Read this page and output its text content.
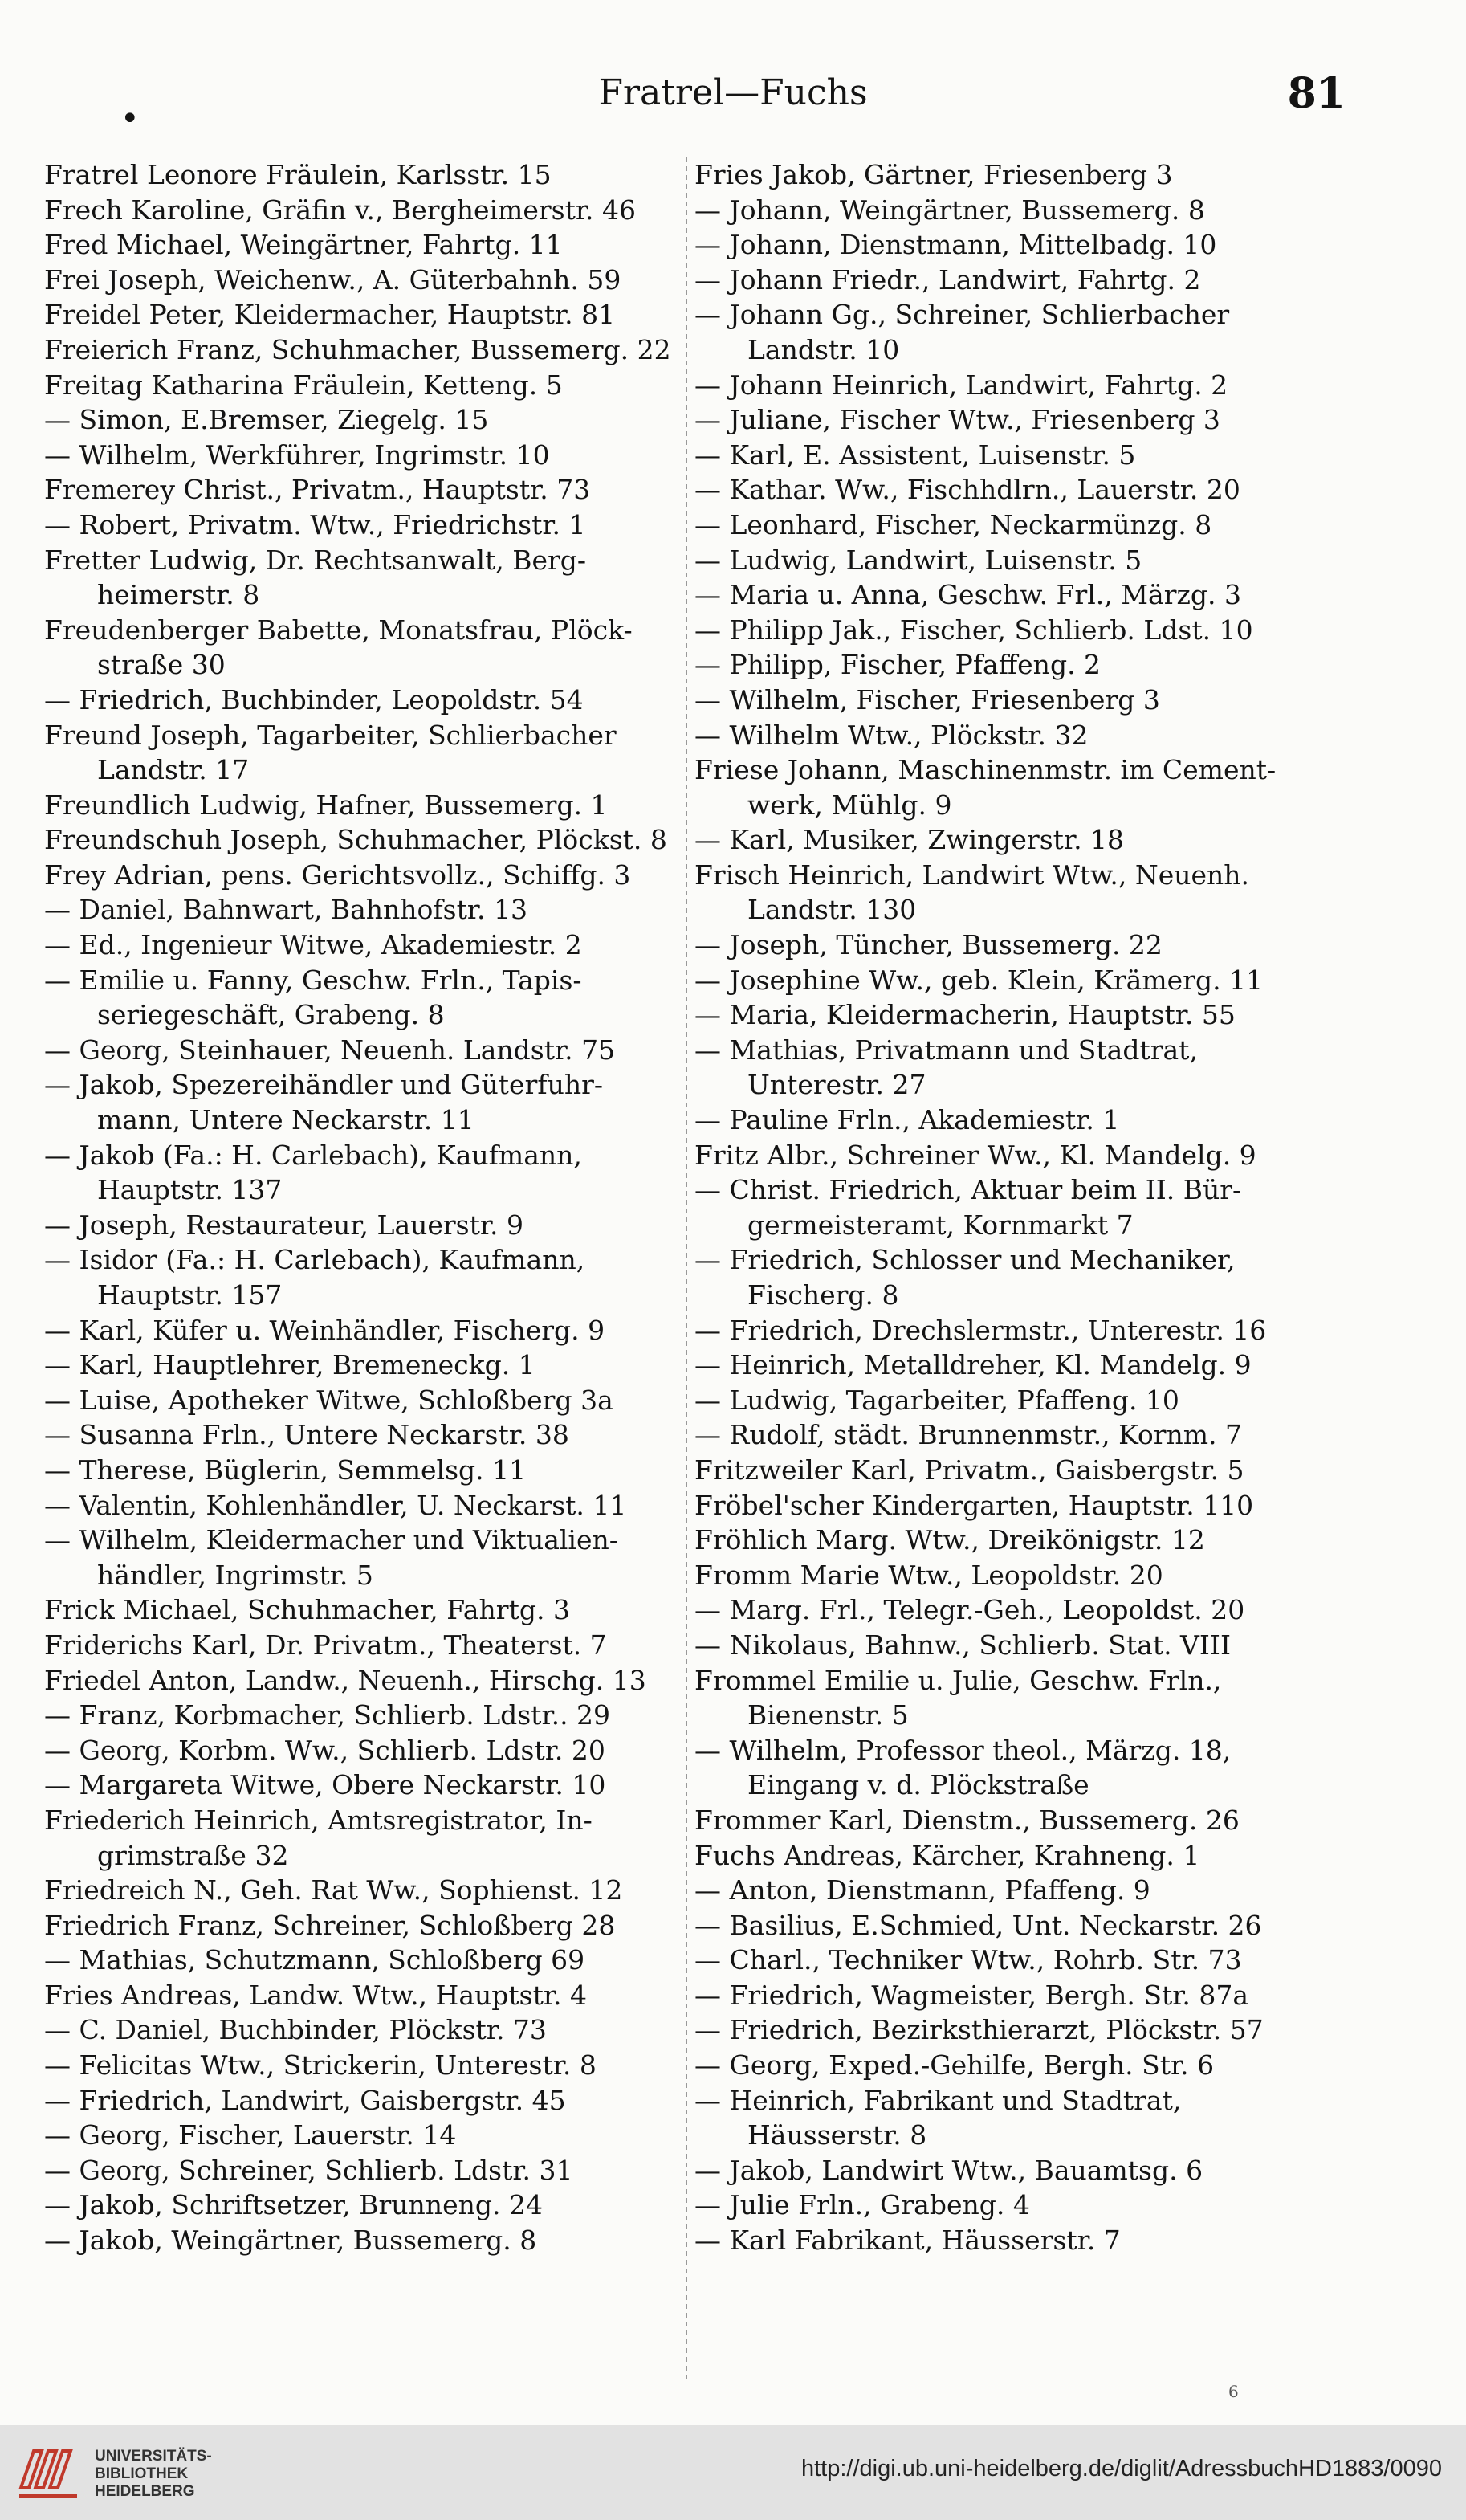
Fratrel—Fuchs	81
•
Fratrel Leonore Fräulein, Karlsstr. 15
Frech Karoline, Gräfin v., Bergheimerstr. 46
Fred Michael, Weingärtner, Fahrtg. 11
Frei Joseph, Weichenw., A. Güterbahnh. 59
Freidel Peter, Kleidermacher, Hauptstr. 81
Freierich Franz, Schuhmacher, Bussemerg. 22
Freitag Katharina Fräulein, Ketteng. 5
— Simon, E.Bremser, Ziegelg. 15
— Wilhelm, Werkführer, Ingrimstr. 10
Fremerey Christ., Privatm., Hauptstr. 73
— Robert, Privatm. Wtw., Friedrichstr. 1
Fretter Ludwig, Dr. Rechtsanwalt, Berg-
heimerstr. 8
Freudenberger Babette, Monatsfrau, Plöck-
straße 30
— Friedrich, Buchbinder, Leopoldstr. 54
Freund Joseph, Tagarbeiter, Schlierbacher
Landstr. 17
Freundlich Ludwig, Hafner, Bussemerg. 1
Freundschuh Joseph, Schuhmacher, Plöckst. 8
Frey Adrian, pens. Gerichtsvollz., Schiffg. 3
— Daniel, Bahnwart, Bahnhofstr. 13
— Ed., Ingenieur Witwe, Akademiestr. 2
— Emilie u. Fanny, Geschw. Frln., Tapis-
seriegeschäft, Grabeng. 8
— Georg, Steinhauer, Neuenh. Landstr. 75
— Jakob, Spezereihändler und Güterfuhr-
mann, Untere Neckarstr. 11
— Jakob (Fa.: H. Carlebach), Kaufmann,
Hauptstr. 137
— Joseph, Restaurateur, Lauerstr. 9
— Isidor (Fa.: H. Carlebach), Kaufmann,
Hauptstr. 157
— Karl, Küfer u. Weinhändler, Fischerg. 9
— Karl, Hauptlehrer, Bremeneckg. 1
— Luise, Apotheker Witwe, Schloßberg 3a
— Susanna Frln., Untere Neckarstr. 38
— Therese, Büglerin, Semmelsg. 11
— Valentin, Kohlenhändler, U. Neckarst. 11
— Wilhelm, Kleidermacher und Viktualien-
händler, Ingrimstr. 5
Frick Michael, Schuhmacher, Fahrtg. 3
Friderichs Karl, Dr. Privatm., Theaterst. 7
Friedel Anton, Landw., Neuenh., Hirschg. 13
— Franz, Korbmacher, Schlierb. Ldstr.. 29
— Georg, Korbm. Ww., Schlierb. Ldstr. 20
— Margareta Witwe, Obere Neckarstr. 10
Friederich Heinrich, Amtsregistrator, In-
grimstraße 32
Friedreich N., Geh. Rat Ww., Sophienst. 12
Friedrich Franz, Schreiner, Schloßberg 28
— Mathias, Schutzmann, Schloßberg 69
Fries Andreas, Landw. Wtw., Hauptstr. 4
— C. Daniel, Buchbinder, Plöckstr. 73
— Felicitas Wtw., Strickerin, Unterestr. 8
— Friedrich, Landwirt, Gaisbergstr. 45
— Georg, Fischer, Lauerstr. 14
— Georg, Schreiner, Schlierb. Ldstr. 31
— Jakob, Schriftsetzer, Brunneng. 24
— Jakob, Weingärtner, Bussemerg. 8
Fries Jakob, Gärtner, Friesenberg 3
— Johann, Weingärtner, Bussemerg. 8
— Johann, Dienstmann, Mittelbadg. 10
— Johann Friedr., Landwirt, Fahrtg. 2
— Johann Gg., Schreiner, Schlierbacher
Landstr. 10
— Johann Heinrich, Landwirt, Fahrtg. 2
— Juliane, Fischer Wtw., Friesenberg 3
— Karl, E. Assistent, Luisenstr. 5
— Kathar. Ww., Fischhdlrn., Lauerstr. 20
— Leonhard, Fischer, Neckarmünzg. 8
— Ludwig, Landwirt, Luisenstr. 5
— Maria u. Anna, Geschw. Frl., Märzg. 3
— Philipp Jak., Fischer, Schlierb. Ldst. 10
— Philipp, Fischer, Pfaffeng. 2
— Wilhelm, Fischer, Friesenberg 3
— Wilhelm Wtw., Plöckstr. 32
Friese Johann, Maschinenmstr. im Cement-
werk, Mühlg. 9
— Karl, Musiker, Zwingerstr. 18
Frisch Heinrich, Landwirt Wtw., Neuenh.
Landstr. 130
— Joseph, Tüncher, Bussemerg. 22
— Josephine Ww., geb. Klein, Krämerg. 11
— Maria, Kleidermacherin, Hauptstr. 55
— Mathias, Privatmann und Stadtrat,
Unterestr. 27
— Pauline Frln., Akademiestr. 1
Fritz Albr., Schreiner Ww., Kl. Mandelg. 9
— Christ. Friedrich, Aktuar beim II. Bür-
germeisteramt, Kornmarkt 7
— Friedrich, Schlosser und Mechaniker,
Fischerg. 8
— Friedrich, Drechslermstr., Unterestr. 16
— Heinrich, Metalldreher, Kl. Mandelg. 9
— Ludwig, Tagarbeiter, Pfaffeng. 10
— Rudolf, städt. Brunnenmstr., Kornm. 7
Fritzweiler Karl, Privatm., Gaisbergstr. 5
Fröbel'scher Kindergarten, Hauptstr. 110
Fröhlich Marg. Wtw., Dreikönigstr. 12
Fromm Marie Wtw., Leopoldstr. 20
— Marg. Frl., Telegr.-Geh., Leopoldst. 20
— Nikolaus, Bahnw., Schlierb. Stat. VIII
Frommel Emilie u. Julie, Geschw. Frln.,
Bienenstr. 5
— Wilhelm, Professor theol., Märzg. 18,
Eingang v. d. Plöckstraße
Frommer Karl, Dienstm., Bussemerg. 26
Fuchs Andreas, Kärcher, Krahneng. 1
— Anton, Dienstmann, Pfaffeng. 9
— Basilius, E.Schmied, Unt. Neckarstr. 26
— Charl., Techniker Wtw., Rohrb. Str. 73
— Friedrich, Wagmeister, Bergh. Str. 87a
— Friedrich, Bezirksthierarzt, Plöckstr. 57
— Georg, Exped.-Gehilfe, Bergh. Str. 6
— Heinrich, Fabrikant und Stadtrat,
Häusserstr. 8
— Jakob, Landwirt Wtw., Bauamtsg. 6
— Julie Frln., Grabeng. 4
— Karl Fabrikant, Häusserstr. 7
6
UNIVERSITÄTS-
BIBLIOTHEK
HEIDELBERG
http://digi.ub.uni-heidelberg.de/diglit/AdressbuchHD1883/0090
